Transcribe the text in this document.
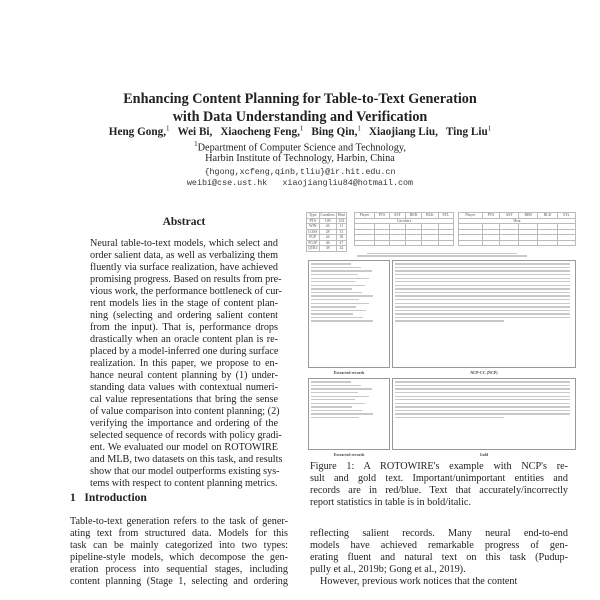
Enhancing Content Planning for Table-to-Text Generation
with Data Understanding and Verification
Heng Gong,$^1$ Wei Bi, Xiaocheng Feng,$^1$ Bing Qin,$^1$ Xiaojiang Liu, Ting Liu$^1$
$^1$Department of Computer Science and Technology,
Harbin Institute of Technology, Harbin, China
{hgong,xcfeng,qinb,tliu}@ir.hit.edu.cn
weibi@cse.ust.hk   xiaojiangliu84@hotmail.com
Abstract
Neural table-to-text models, which select and
order salient data, as well as verbalizing them
fluently via surface realization, have achieved
promising progress. Based on results from pre-
vious work, the performance bottleneck of cur-
rent models lies in the stage of content plan-
ning (selecting and ordering salient content
from the input). That is, performance drops
drastically when an oracle content plan is re-
placed by a model-inferred one during surface
realization. In this paper, we propose to en-
hance neural content planning by (1) under-
standing data values with contextual numeri-
cal value representations that bring the sense
of value comparison into content planning; (2)
verifying the importance and ordering of the
selected sequence of records with policy gradi-
ent. We evaluated our model on ROTOWIRE
and MLB, two datasets on this task, and results
show that our model outperforms existing sys-
tems with respect to content planning metrics.
1 Introduction
Table-to-text generation refers to the task of gener-
ating text from structured data. Models for this
task can be mainly categorized into two types:
pipeline-style models, which decompose the gen-
eration process into sequential stages, including
content planning (Stage 1, selecting and ordering
Type	Cavaliers	Heat
PTS	109	102
WIN	26	11
LOSS	28	31
FGP	44	38
FG3P	46	47
QTR4	38	24
Player	PTS	AST	REB	BLK	STL
Cavaliers					

Player	PTS	AST	REB	BLK	STL
Heat					

Extracted records	NCP-CC (NCP)
Extracted records	Gold
Figure 1: A ROTOWIRE's example with NCP's re-
sult and gold text. Important/unimportant entities and
records are in red/blue. Text that accurately/incorrectly
report statistics in table is in bold/italic.
reflecting salient records. Many neural end-to-end
models have achieved remarkable progress of gen-
erating fluent and natural text on this task (Pudup-
pully et al., 2019b; Gong et al., 2019).
However, previous work notices that the content
